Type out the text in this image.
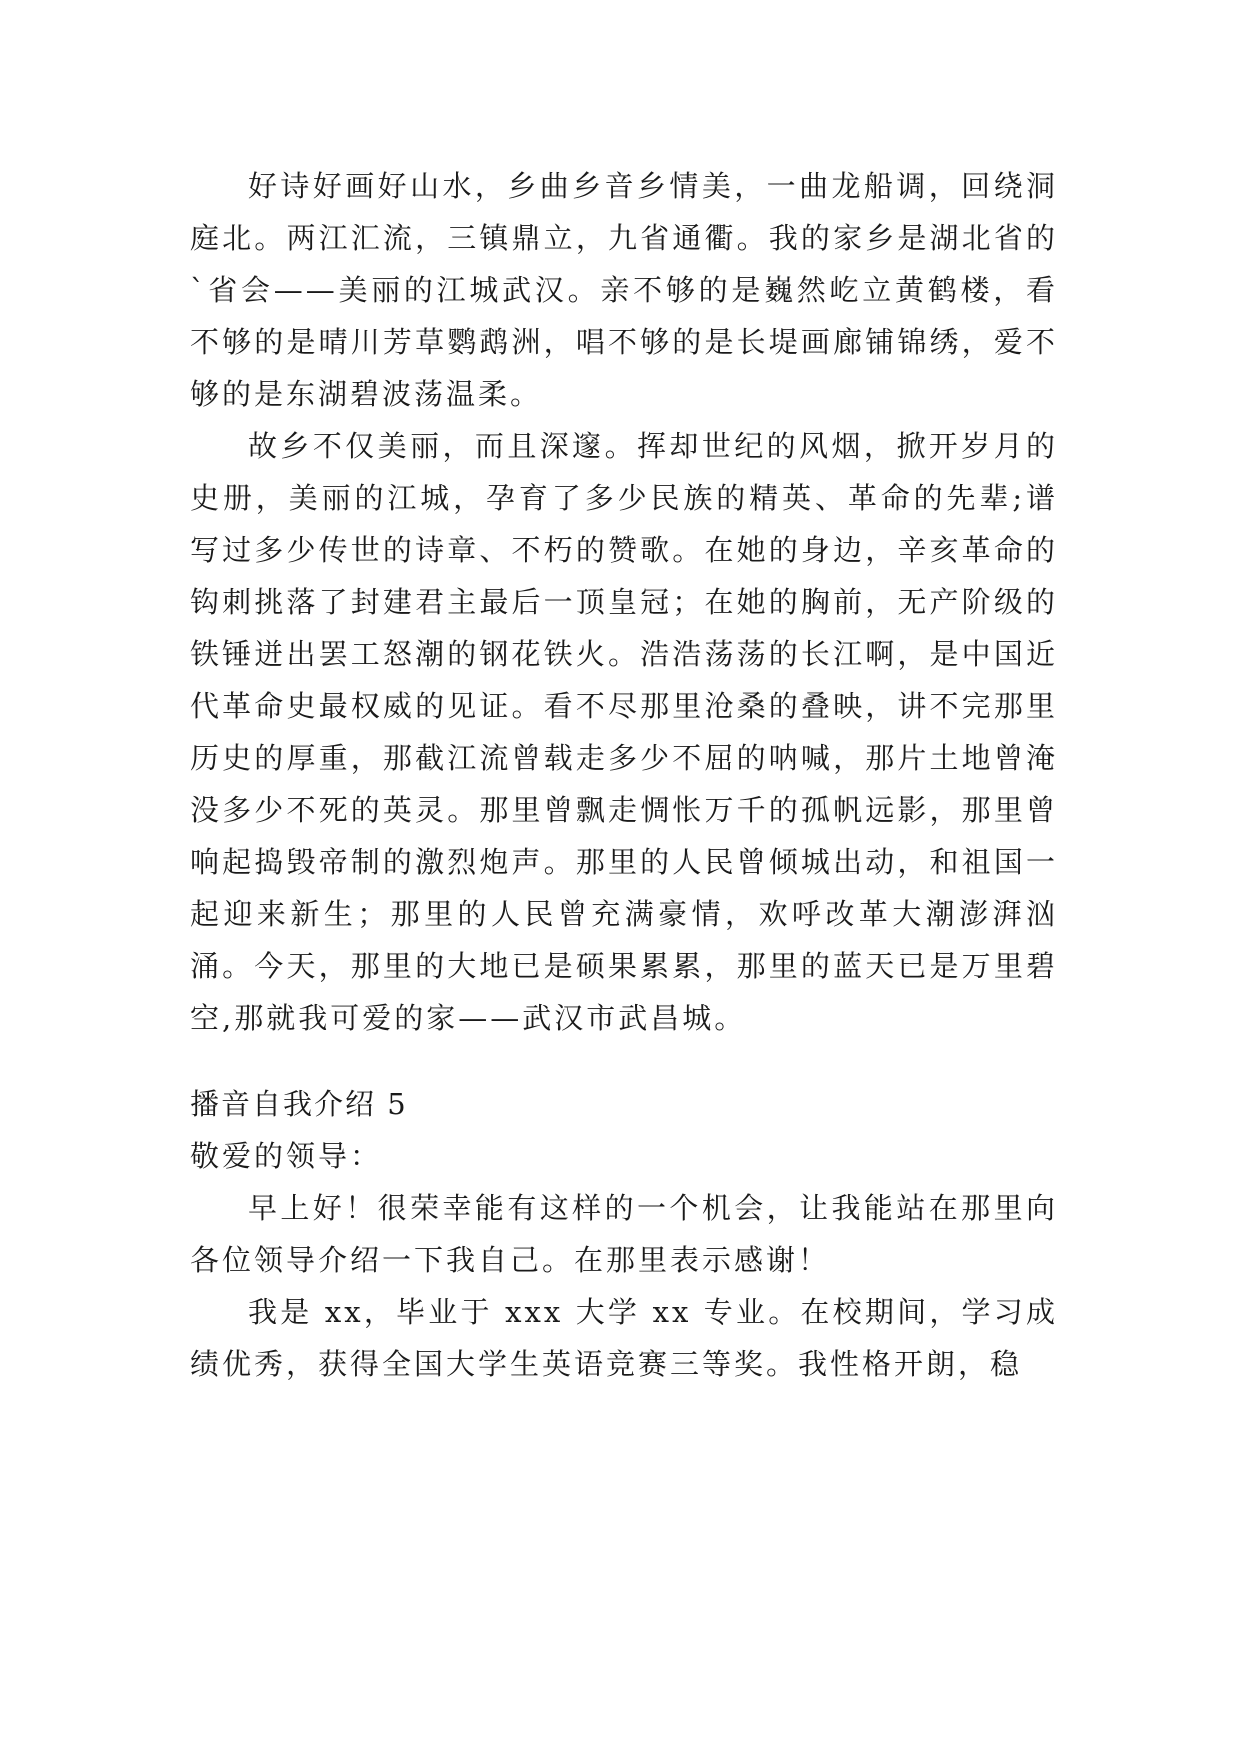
好诗好画好山水，乡曲乡音乡情美，一曲龙船调，回绕洞庭北。两江汇流，三镇鼎立，九省通衢。我的家乡是湖北省的`省会——美丽的江城武汉。亲不够的是巍然屹立黄鹤楼，看不够的是晴川芳草鹦鹉洲，唱不够的是长堤画廊铺锦绣，爱不够的是东湖碧波荡温柔。

故乡不仅美丽，而且深邃。挥却世纪的风烟，掀开岁月的史册，美丽的江城，孕育了多少民族的精英、革命的先辈;谱写过多少传世的诗章、不朽的赞歌。在她的身边，辛亥革命的钩刺挑落了封建君主最后一顶皇冠；在她的胸前，无产阶级的铁锤迸出罢工怒潮的钢花铁火。浩浩荡荡的长江啊，是中国近代革命史最权威的见证。看不尽那里沧桑的叠映，讲不完那里历史的厚重，那截江流曾载走多少不屈的呐喊，那片土地曾淹没多少不死的英灵。那里曾飘走惆怅万千的孤帆远影，那里曾响起捣毁帝制的激烈炮声。那里的人民曾倾城出动，和祖国一起迎来新生；那里的人民曾充满豪情，欢呼改革大潮澎湃汹涌。今天，那里的大地已是硕果累累，那里的蓝天已是万里碧空,那就我可爱的家——武汉市武昌城。

播音自我介绍 5

敬爱的领导：

早上好！很荣幸能有这样的一个机会，让我能站在那里向各位领导介绍一下我自己。在那里表示感谢！

我是 xx，毕业于 xxx 大学 xx 专业。在校期间，学习成绩优秀，获得全国大学生英语竞赛三等奖。我性格开朗，稳
